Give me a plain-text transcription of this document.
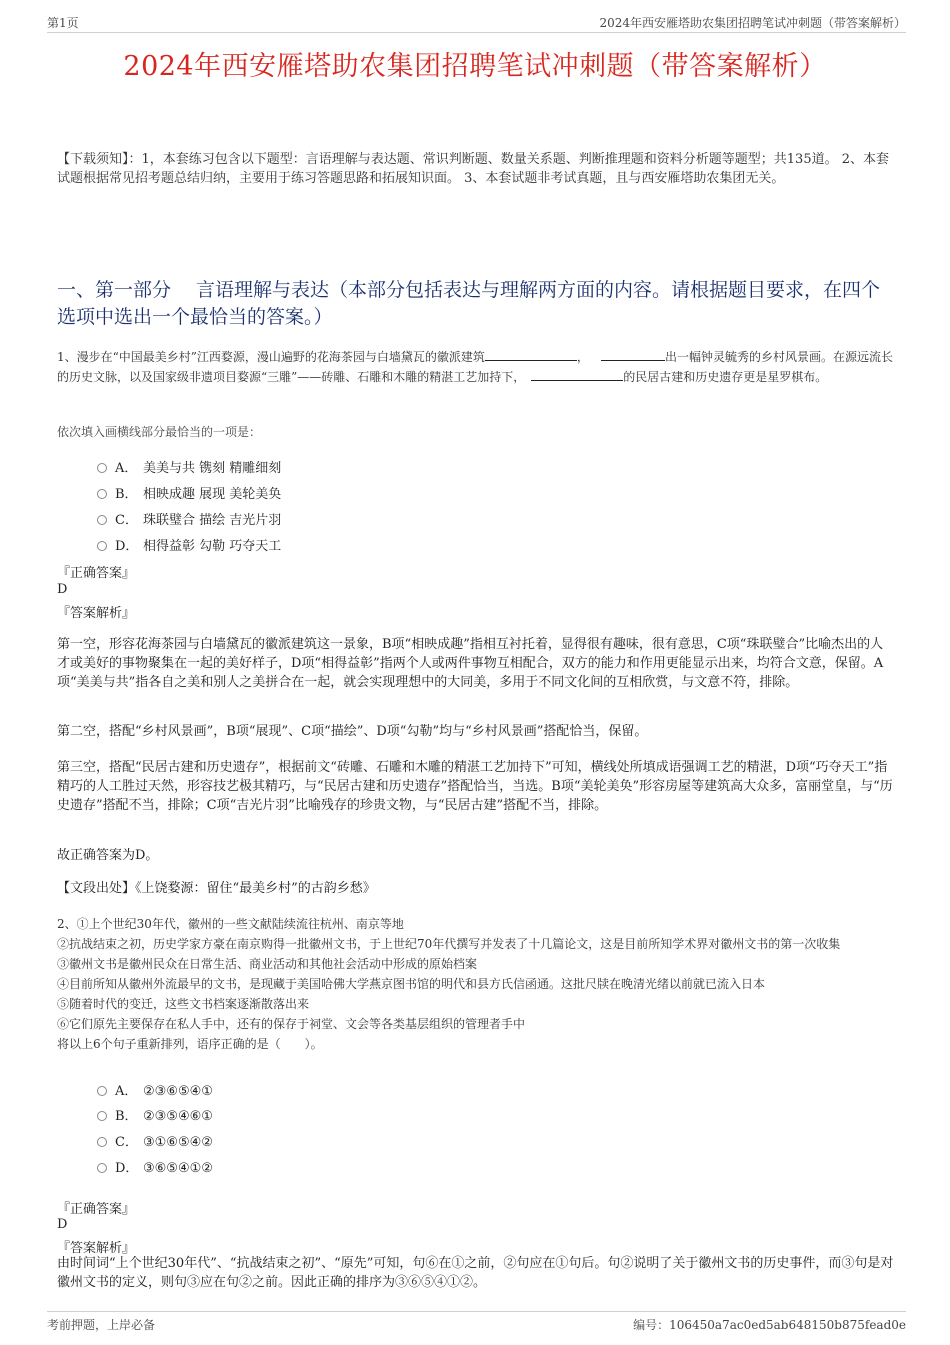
第1页	2024年西安雁塔助农集团招聘笔试冲刺题（带答案解析）
2024年西安雁塔助农集团招聘笔试冲刺题（带答案解析）

【下载须知】：1，本套练习包含以下题型：言语理解与表达题、常识判断题、数量关系题、判断推理题和资料分析题等题型；共135道。 2、本套试题根据常见招考题总结归纳，主要用于练习答题思路和拓展知识面。 3、本套试题非考试真题，且与西安雁塔助农集团无关。

一、第一部分　 言语理解与表达（本部分包括表达与理解两方面的内容。请根据题目要求，在四个选项中选出一个最恰当的答案。）

1、漫步在“中国最美乡村”江西婺源，漫山遍野的花海茶园与白墙黛瓦的徽派建筑	，	出一幅钟灵毓秀的乡村风景画。在源远流长的历史文脉，以及国家级非遗项目婺源“三雕”——砖雕、石雕和木雕的精湛工艺加持下，	的民居古建和历史遗存更是星罗棋布。

依次填入画横线部分最恰当的一项是：

A． 美美与共 镌刻 精雕细刻
B． 相映成趣 展现 美轮美奂
C． 珠联璧合 描绘 吉光片羽
D． 相得益彰 勾勒 巧夺天工
『正确答案』
D
『答案解析』

第一空，形容花海茶园与白墙黛瓦的徽派建筑这一景象，B项“相映成趣”指相互衬托着，显得很有趣味，很有意思，C项“珠联璧合”比喻杰出的人才或美好的事物聚集在一起的美好样子，D项“相得益彰”指两个人或两件事物互相配合，双方的能力和作用更能显示出来，均符合文意，保留。A项“美美与共”指各自之美和别人之美拼合在一起，就会实现理想中的大同美，多用于不同文化间的互相欣赏，与文意不符，排除。

第二空，搭配“乡村风景画”，B项“展现”、C项“描绘”、D项“勾勒”均与“乡村风景画”搭配恰当，保留。

第三空，搭配“民居古建和历史遗存”，根据前文“砖雕、石雕和木雕的精湛工艺加持下”可知，横线处所填成语强调工艺的精湛，D项“巧夺天工”指精巧的人工胜过天然，形容技艺极其精巧，与“民居古建和历史遗存”搭配恰当，当选。B项“美轮美奂”形容房屋等建筑高大众多，富丽堂皇，与“历史遗存”搭配不当，排除；C项“吉光片羽”比喻残存的珍贵文物，与“民居古建”搭配不当，排除。

故正确答案为D。

【文段出处】《上饶婺源：留住“最美乡村”的古韵乡愁》

2、①上个世纪30年代，徽州的一些文献陆续流往杭州、南京等地
②抗战结束之初，历史学家方豪在南京购得一批徽州文书，于上世纪70年代撰写并发表了十几篇论文，这是目前所知学术界对徽州文书的第一次收集
③徽州文书是徽州民众在日常生活、商业活动和其他社会活动中形成的原始档案
④目前所知从徽州外流最早的文书，是现藏于美国哈佛大学燕京图书馆的明代和县方氏信函通。这批尺牍在晚清光绪以前就已流入日本
⑤随着时代的变迁，这些文书档案逐渐散落出来
⑥它们原先主要保存在私人手中，还有的保存于祠堂、文会等各类基层组织的管理者手中
将以上6个句子重新排列，语序正确的是（　　）。
A． ②③⑥⑤④①
B． ②③⑤④⑥①
C． ③①⑥⑤④②
D． ③⑥⑤④①②
『正确答案』
D
『答案解析』

由时间词“上个世纪30年代”、“抗战结束之初”、“原先”可知，句⑥在①之前，②句应在①句后。句②说明了关于徽州文书的历史事件，而③句是对徽州文书的定义，则句③应在句②之前。因此正确的排序为③⑥⑤④①②。

考前押题，上岸必备	编号：106450a7ac0ed5ab648150b875fead0e
